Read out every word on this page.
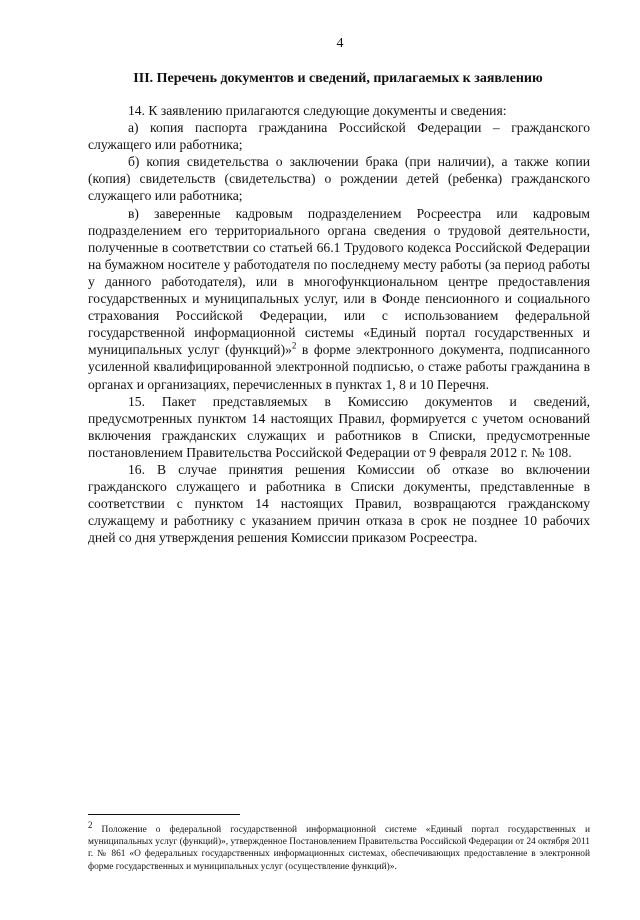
4
III. Перечень документов и сведений, прилагаемых к заявлению

14. К заявлению прилагаются следующие документы и сведения:

а) копия паспорта гражданина Российской Федерации – гражданского служащего или работника;

б) копия свидетельства о заключении брака (при наличии), а также копии (копия) свидетельств (свидетельства) о рождении детей (ребенка) гражданского служащего или работника;

в) заверенные кадровым подразделением Росреестра или кадровым подразделением его территориального органа сведения о трудовой деятельности, полученные в соответствии со статьей 66.1 Трудового кодекса Российской Федерации на бумажном носителе у работодателя по последнему месту работы (за период работы у данного работодателя), или в многофункциональном центре предоставления государственных и муниципальных услуг, или в Фонде пенсионного и социального страхования Российской Федерации, или с использованием федеральной государственной информационной системы «Единый портал государственных и муниципальных услуг (функций)»$^2$ в форме электронного документа, подписанного усиленной квалифицированной электронной подписью, о стаже работы гражданина в органах и организациях, перечисленных в пунктах 1, 8 и 10 Перечня.

15. Пакет представляемых в Комиссию документов и сведений, предусмотренных пунктом 14 настоящих Правил, формируется с учетом оснований включения гражданских служащих и работников в Списки, предусмотренные постановлением Правительства Российской Федерации от 9 февраля 2012 г. № 108.

16. В случае принятия решения Комиссии об отказе во включении гражданского служащего и работника в Списки документы, представленные в соответствии с пунктом 14 настоящих Правил, возвращаются гражданскому служащему и работнику с указанием причин отказа в срок не позднее 10 рабочих дней со дня утверждения решения Комиссии приказом Росреестра.

$^2$ Положение о федеральной государственной информационной системе «Единый портал государственных и муниципальных услуг (функций)», утвержденное Постановлением Правительства Российской Федерации от 24 октября 2011 г. № 861 «О федеральных государственных информационных системах, обеспечивающих предоставление в электронной форме государственных и муниципальных услуг (осуществление функций)».
